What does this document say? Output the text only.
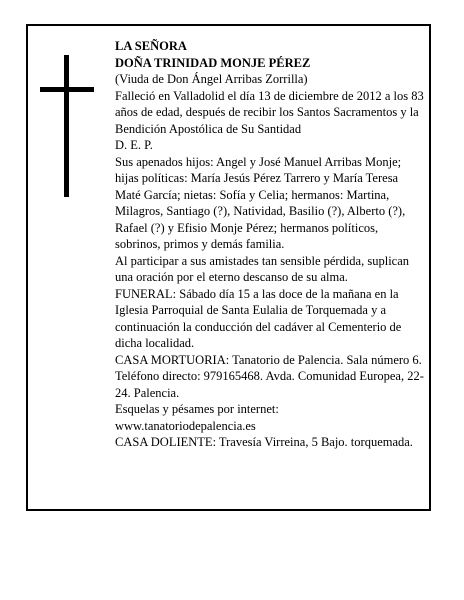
LA SEÑORA

DOÑA TRINIDAD MONJE PÉREZ

(Viuda de Don Ángel Arribas Zorrilla)

Falleció en Valladolid el día 13 de diciembre de 2012 a los 83 años de edad, después de recibir los Santos Sacramentos y la Bendición Apostólica de Su Santidad

D. E. P.

Sus apenados hijos: Angel y José Manuel Arribas Monje; hijas políticas: María Jesús Pérez Tarrero y María Teresa Maté García; nietas: Sofía y Celia; hermanos: Martina, Milagros, Santiago (?), Natividad, Basilio (?), Alberto (?), Rafael (?) y Efisio Monje Pérez; hermanos políticos, sobrinos, primos y demás familia.

Al participar a sus amistades tan sensible pérdida, suplican una oración por el eterno descanso de su alma.

FUNERAL: Sábado día 15 a las doce de la mañana en la Iglesia Parroquial de Santa Eulalia de Torquemada y a continuación la conducción del cadáver al Cementerio de dicha localidad.

CASA MORTUORIA: Tanatorio de Palencia. Sala número 6. Teléfono directo: 979165468. Avda. Comunidad Europea, 22-24. Palencia.

Esquelas y pésames por internet:

www.tanatoriodepalencia.es

CASA DOLIENTE: Travesía Virreina, 5 Bajo. torquemada.
